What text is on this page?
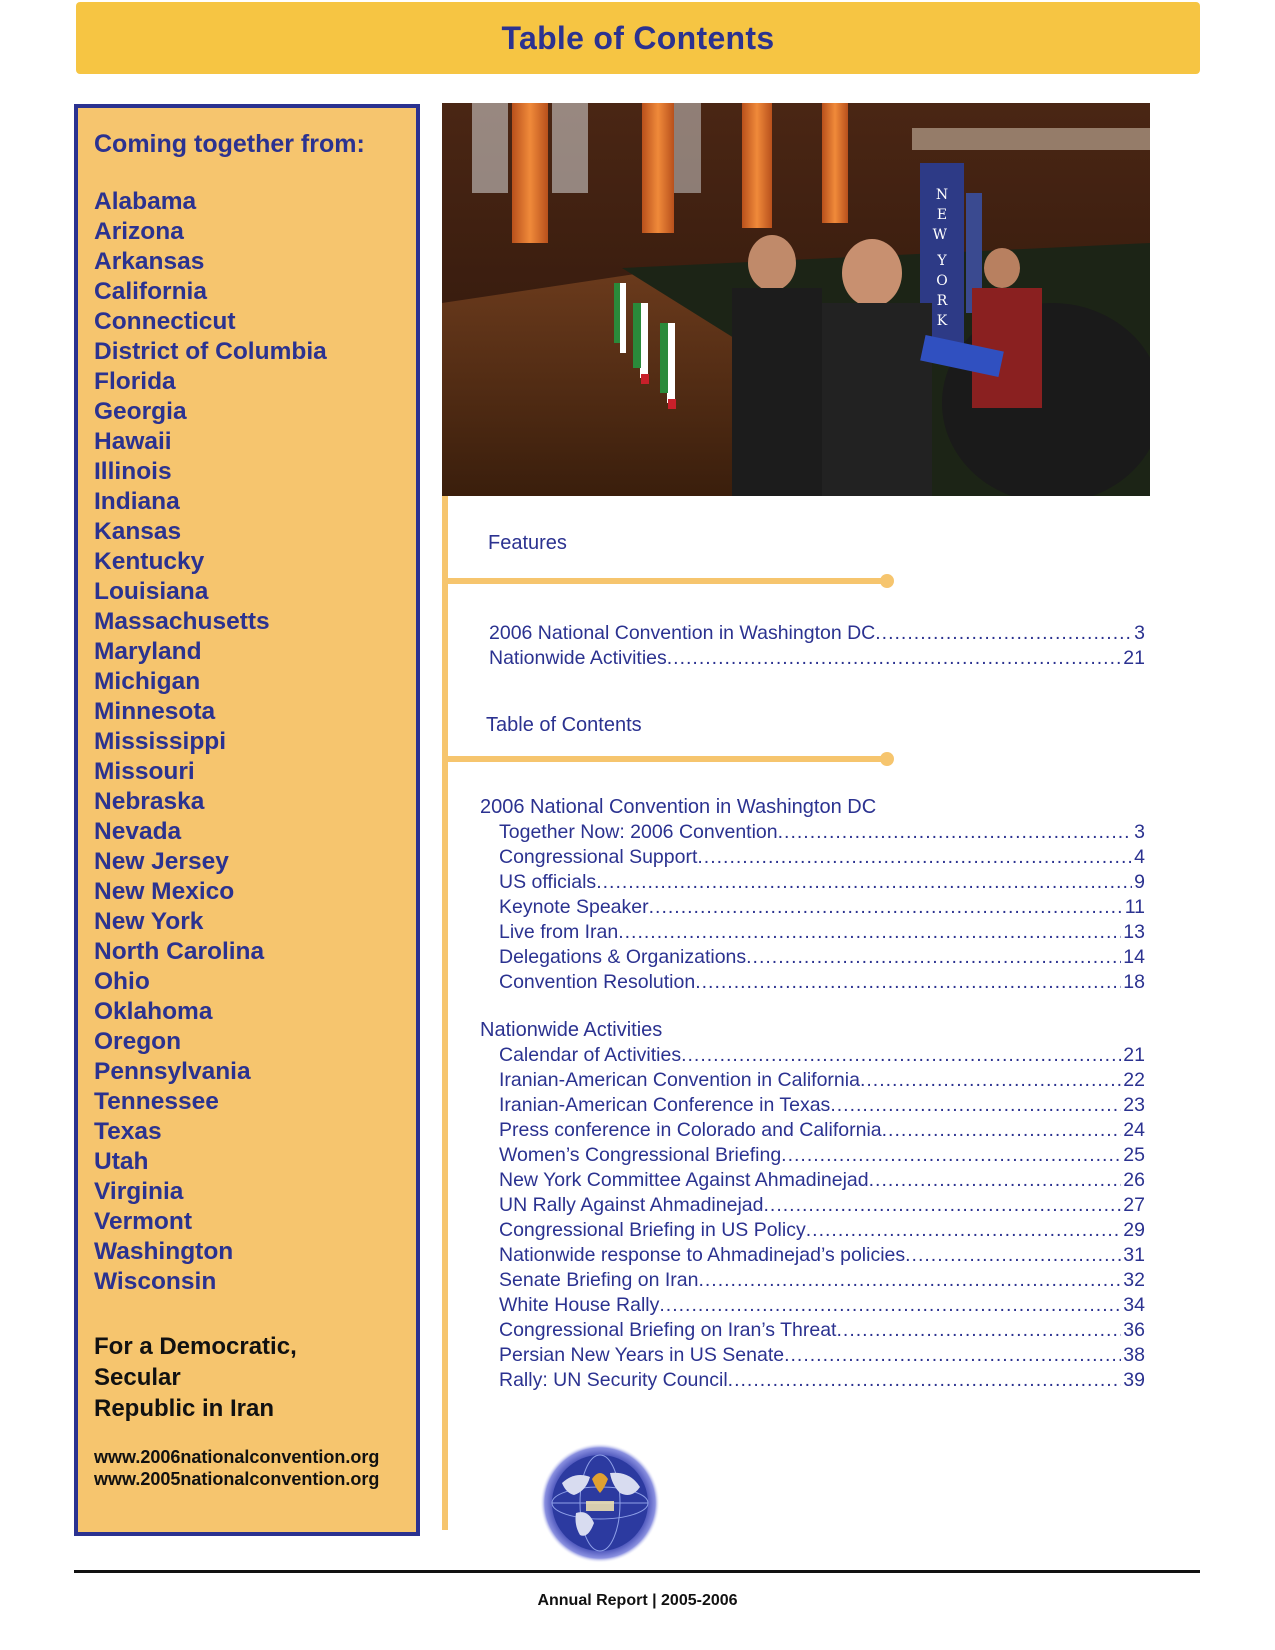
Table of Contents
Coming together from:
Alabama
Arizona
Arkansas
California
Connecticut
District of Columbia
Florida
Georgia
Hawaii
Illinois
Indiana
Kansas
Kentucky
Louisiana
Massachusetts
Maryland
Michigan
Minnesota
Mississippi
Missouri
Nebraska
Nevada
New Jersey
New Mexico
New York
North Carolina
Ohio
Oklahoma
Oregon
Pennsylvania
Tennessee
Texas
Utah
Virginia
Vermont
Washington
Wisconsin
For a Democratic,
Secular
Republic in Iran
www.2006nationalconvention.org
www.2005nationalconvention.org
N E W Y O R K
Features
2006 National Convention in Washington DC .....	3
Nationwide Activities .....	21
Table of Contents
2006 National Convention in Washington DC
Together Now: 2006 Convention .....	3
Congressional Support .....	4
US officials .....	9
Keynote Speaker .....	11
Live from Iran .....	13
Delegations & Organizations .....	14
Convention Resolution .....	18
Nationwide Activities
Calendar of Activities .....	21
Iranian-American Convention in California .....	22
Iranian-American Conference in Texas .....	23
Press conference in Colorado and California .....	24
Women’s Congressional Briefing .....	25
New York Committee Against Ahmadinejad .....	26
UN Rally Against Ahmadinejad .....	27
Congressional Briefing in US Policy .....	29
Nationwide response to Ahmadinejad’s policies .....	31
Senate Briefing on Iran .....	32
White House Rally .....	34
Congressional Briefing on Iran’s Threat .....	36
Persian New Years in US Senate .....	38
Rally: UN Security Council .....	39
Annual Report | 2005-2006
